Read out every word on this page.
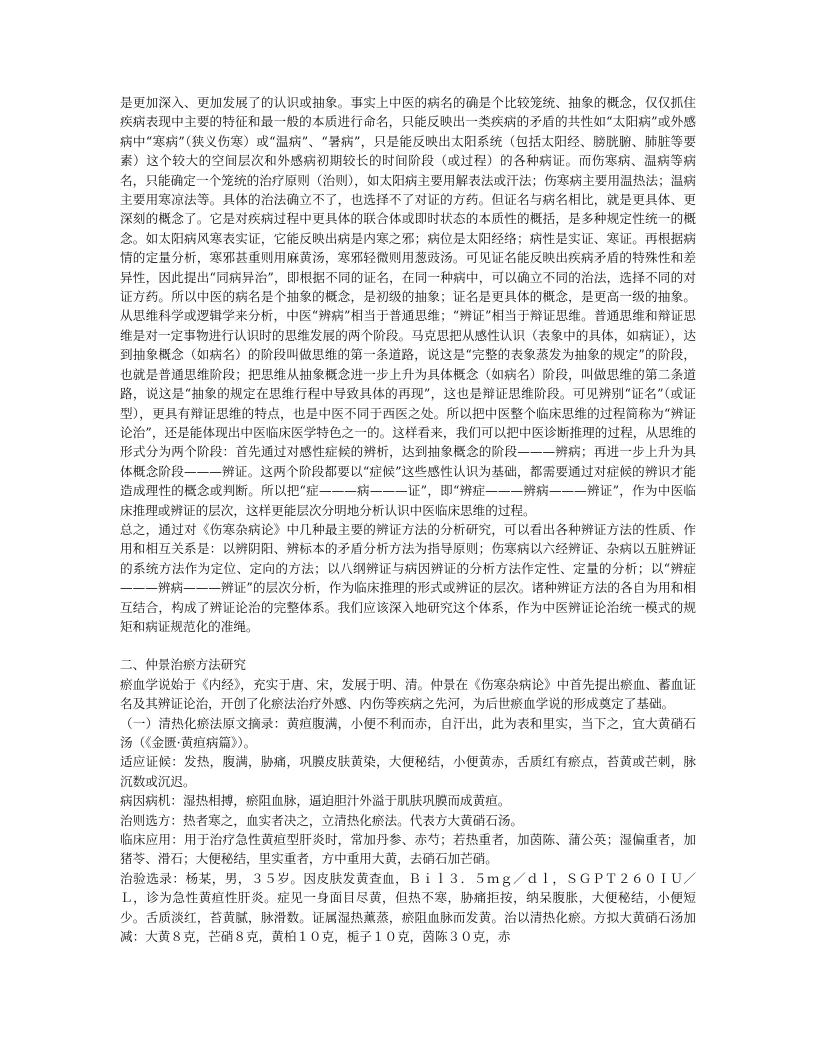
是更加深入、更加发展了的认识或抽象。事实上中医的病名的确是个比较笼统、抽象的概念，仅仅抓住疾病表现中主要的特征和最一般的本质进行命名，只能反映出一类疾病的矛盾的共性如“太阳病”或外感病中“寒病”（狭义伤寒）或“温病”、“暑病”，只是能反映出太阳系统（包括太阳经、膀胱腑、肺脏等要素）这个较大的空间层次和外感病初期较长的时间阶段（或过程）的各种病证。而伤寒病、温病等病名，只能确定一个笼统的治疗原则（治则），如太阳病主要用解表法或汗法；伤寒病主要用温热法；温病主要用寒凉法等。具体的治法确立不了，也选择不了对证的方药。但证名与病名相比，就是更具体、更深刻的概念了。它是对疾病过程中更具体的联合体或即时状态的本质性的概括，是多种规定性统一的概念。如太阳病风寒表实证，它能反映出病是内寒之邪；病位是太阳经络；病性是实证、寒证。再根据病情的定量分析，寒邪甚重则用麻黄汤，寒邪轻微则用葱豉汤。可见证名能反映出疾病矛盾的特殊性和差异性，因此提出“同病异治”，即根据不同的证名，在同一种病中，可以确立不同的治法，选择不同的对证方药。所以中医的病名是个抽象的概念，是初级的抽象；证名是更具体的概念，是更高一级的抽象。从思维科学或逻辑学来分析，中医“辨病”相当于普通思维；“辨证”相当于辩证思维。普通思维和辩证思维是对一定事物进行认识时的思维发展的两个阶段。马克思把从感性认识（表象中的具体，如病证），达到抽象概念（如病名）的阶段叫做思维的第一条道路，说这是“完整的表象蒸发为抽象的规定”的阶段，也就是普通思维阶段；把思维从抽象概念进一步上升为具体概念（如病名）阶段，叫做思维的第二条道路，说这是“抽象的规定在思维行程中导致具体的再现”，这也是辩证思维阶段。可见辨别“证名”（或证型），更具有辩证思维的特点，也是中医不同于西医之处。所以把中医整个临床思维的过程简称为“辨证论治”，还是能体现出中医临床医学特色之一的。这样看来，我们可以把中医诊断推理的过程，从思维的形式分为两个阶段：首先通过对感性症候的辨析，达到抽象概念的阶段———辨病；再进一步上升为具体概念阶段———辨证。这两个阶段都要以“症候”这些感性认识为基础，都需要通过对症候的辨识才能造成理性的概念或判断。所以把“症———病———证”，即“辨症———辨病———辨证”，作为中医临床推理或辨证的层次，这样更能层次分明地分析认识中医临床思维的过程。

总之，通过对《伤寒杂病论》中几种最主要的辨证方法的分析研究，可以看出各种辨证方法的性质、作用和相互关系是：以辨阴阳、辨标本的矛盾分析方法为指导原则；伤寒病以六经辨证、杂病以五脏辨证的系统方法作为定位、定向的方法；以八纲辨证与病因辨证的分析方法作定性、定量的分析；以“辨症———辨病———辨证”的层次分析，作为临床推理的形式或辨证的层次。诸种辨证方法的各自为用和相互结合，构成了辨证论治的完整体系。我们应该深入地研究这个体系，作为中医辨证论治统一模式的规矩和病证规范化的准绳。

二、仲景治瘀方法研究

瘀血学说始于《内经》，充实于唐、宋，发展于明、清。仲景在《伤寒杂病论》中首先提出瘀血、蓄血证名及其辨证论治，开创了化瘀法治疗外感、内伤等疾病之先河，为后世瘀血学说的形成奠定了基础。

（一）清热化瘀法原文摘录：黄疸腹满，小便不利而赤，自汗出，此为表和里实，当下之，宜大黄硝石汤（《金匮·黄疸病篇》）。

适应证候：发热，腹满，胁痛，巩膜皮肤黄染，大便秘结，小便黄赤，舌质红有瘀点，苔黄或芒刺，脉沉数或沉迟。

病因病机：湿热相搏，瘀阻血脉，逼迫胆汁外溢于肌肤巩膜而成黄疸。

治则选方：热者寒之，血实者决之，立清热化瘀法。代表方大黄硝石汤。

临床应用：用于治疗急性黄疸型肝炎时，常加丹参、赤芍；若热重者，加茵陈、蒲公英；湿偏重者，加猪苓、滑石；大便秘结，里实重者，方中重用大黄，去硝石加芒硝。

治验选录：杨某，男，３５岁。因皮肤发黄查血，Ｂｉｌ３．５ｍｇ／ｄｌ，ＳＧＰＴ２６０ＩＵ／Ｌ，诊为急性黄疸性肝炎。症见一身面目尽黄，但热不寒，胁痛拒按，纳呆腹胀，大便秘结，小便短少。舌质淡红，苔黄腻，脉滑数。证属湿热薰蒸，瘀阻血脉而发黄。治以清热化瘀。方拟大黄硝石汤加减：大黄８克，芒硝８克，黄柏１０克，栀子１０克，茵陈３０克，赤
